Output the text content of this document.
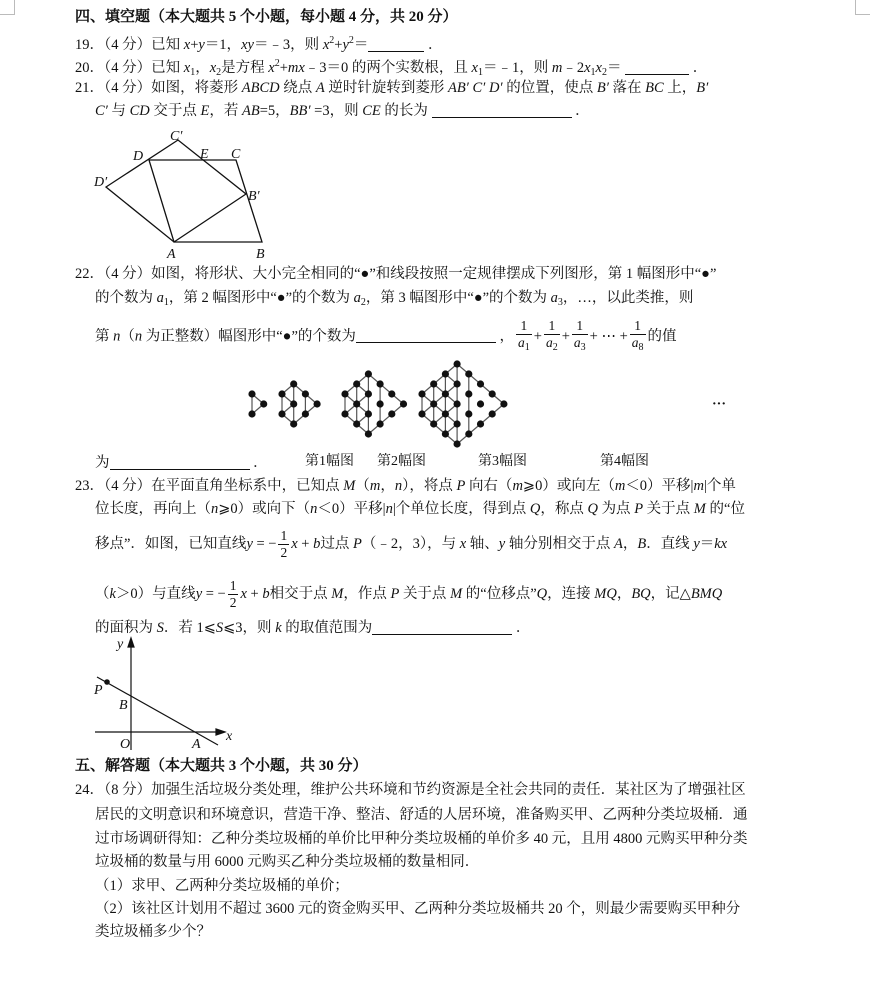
C′
D	E C
D′
B′
A	B
y
P
B
O	A
x
···
第1幅图 第2幅图	第3幅图	第4幅图
四、填空题（本大题共 5 个小题，每小题 4 分，共 20 分）
19．（4 分）已知 x+y＝1，xy＝﹣3，则 $x^2+y^2=$	．
20．（4 分）已知 $x_1$，$x_2$是方程 $x^2+mx﹣3=0$ 的两个实数根，且 $x_1=﹣1$，则 $m﹣2x_1x_2=$	．
21．（4 分）如图，将菱形 ABCD 绕点 A 逆时针旋转到菱形 AB′ C′ D′ 的位置，使点 B′ 落在 BC 上，B′
C′ 与 CD 交于点 E，若 AB=5，BB′ =3，则 CE 的长为	．
22．（4 分）如图，将形状、大小完全相同的“●”和线段按照一定规律摆成下列图形，第 1 幅图形中“●”
的个数为 $a_1$，第 2 幅图形中“●”的个数为 $a_2$，第 3 幅图形中“●”的个数为 $a_3$，…，以此类推，则
第 n（n 为正整数）幅图形中“●”的个数为	， $\frac{1}{a_1} + \frac{1}{a_2} + \frac{1}{a_3}$ + ⋯ + $\frac{1}{a_8}$ 的值
为	．
23．（4 分）在平面直角坐标系中，已知点 M（m，n），将点 P 向右（m⩾0）或向左（m＜0）平移|m|个单
位长度，再向上（n⩾0）或向下（n＜0）平移|n|个单位长度，得到点 Q，称点 Q 为点 P 关于点 M 的“位
移点”．如图，已知直线y = − $\frac{1}{2}$ x + b过点 P（﹣2，3），与 x 轴、y 轴分别相交于点 A，B．直线 y＝kx
（k＞0）与直线y = − $\frac{1}{2}$ x + b相交于点 M，作点 P 关于点 M 的“位移点”Q，连接 MQ，BQ，记△BMQ
的面积为 S．若 1⩽S⩽3，则 k 的取值范围为	．
五、解答题（本大题共 3 个小题，共 30 分）
24．（8 分）加强生活垃圾分类处理，维护公共环境和节约资源是全社会共同的责任．某社区为了增强社区
居民的文明意识和环境意识，营造干净、整洁、舒适的人居环境，准备购买甲、乙两种分类垃圾桶．通
过市场调研得知：乙种分类垃圾桶的单价比甲种分类垃圾桶的单价多 40 元，且用 4800 元购买甲种分类
垃圾桶的数量与用 6000 元购买乙种分类垃圾桶的数量相同．
（1）求甲、乙两种分类垃圾桶的单价；
（2）该社区计划用不超过 3600 元的资金购买甲、乙两种分类垃圾桶共 20 个，则最少需要购买甲种分
类垃圾桶多少个？
